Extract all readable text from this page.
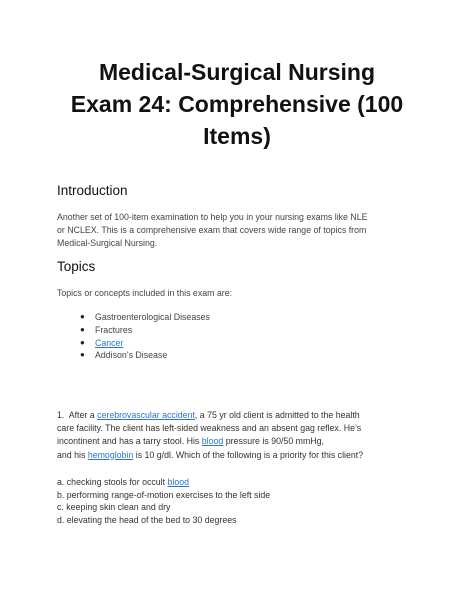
Medical-Surgical Nursing
Exam 24: Comprehensive (100
Items)
Introduction
Another set of 100-item examination to help you in your nursing exams like NLE
or NCLEX. This is a comprehensive exam that covers wide range of topics from
Medical-Surgical Nursing.
Topics
Topics or concepts included in this exam are:
● Gastroenterological Diseases
● Fractures
● Cancer
● Addison’s Disease
1.  After a cerebrovascular accident, a 75 yr old client is admitted to the health
care facility. The client has left-sided weakness and an absent gag reflex. He’s
incontinent and has a tarry stool. His blood pressure is 90/50 mmHg,
and his hemoglobin is 10 g/dl. Which of the following is a priority for this client?
a. checking stools for occult blood
b. performing range-of-motion exercises to the left side
c. keeping skin clean and dry
d. elevating the head of the bed to 30 degrees
